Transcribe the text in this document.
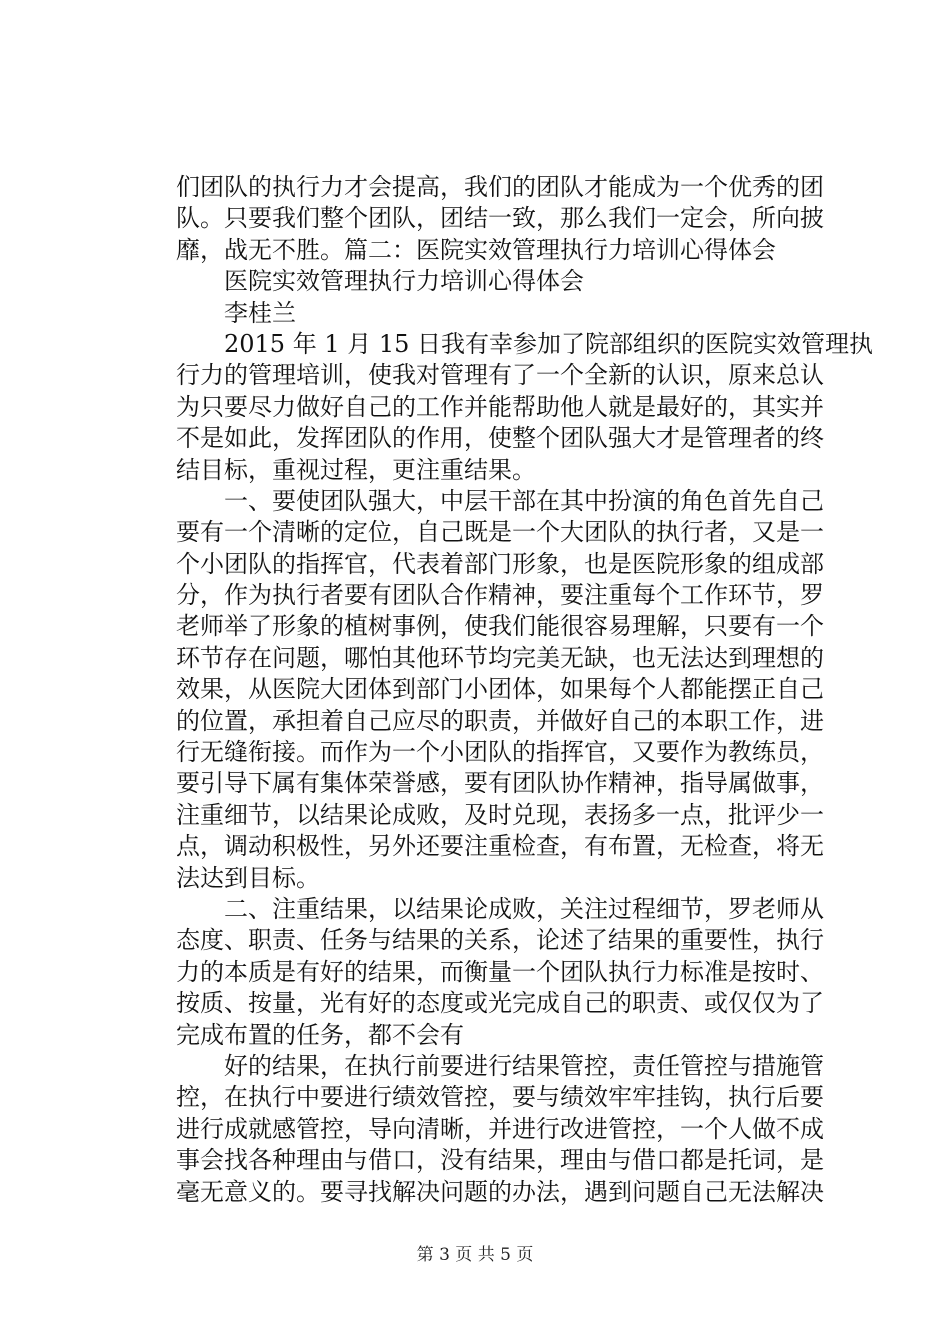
们团队的执行力才会提高，我们的团队才能成为一个优秀的团
队。只要我们整个团队，团结一致，那么我们一定会，所向披
靡，战无不胜。篇二：医院实效管理执行力培训心得体会
　　医院实效管理执行力培训心得体会
　　李桂兰
　　2015 年 1 月 15 日我有幸参加了院部组织的医院实效管理执
行力的管理培训，使我对管理有了一个全新的认识，原来总认
为只要尽力做好自己的工作并能帮助他人就是最好的，其实并
不是如此，发挥团队的作用，使整个团队强大才是管理者的终
结目标，重视过程，更注重结果。
　　一、要使团队强大，中层干部在其中扮演的角色首先自己
要有一个清晰的定位，自己既是一个大团队的执行者，又是一
个小团队的指挥官，代表着部门形象，也是医院形象的组成部
分，作为执行者要有团队合作精神，要注重每个工作环节，罗
老师举了形象的植树事例，使我们能很容易理解，只要有一个
环节存在问题，哪怕其他环节均完美无缺，也无法达到理想的
效果，从医院大团体到部门小团体，如果每个人都能摆正自己
的位置，承担着自己应尽的职责，并做好自己的本职工作，进
行无缝衔接。而作为一个小团队的指挥官，又要作为教练员，
要引导下属有集体荣誉感，要有团队协作精神，指导属做事，
注重细节，以结果论成败，及时兑现，表扬多一点，批评少一
点，调动积极性，另外还要注重检查，有布置，无检查，将无
法达到目标。
　　二、注重结果，以结果论成败，关注过程细节，罗老师从
态度、职责、任务与结果的关系，论述了结果的重要性，执行
力的本质是有好的结果，而衡量一个团队执行力标准是按时、
按质、按量，光有好的态度或光完成自己的职责、或仅仅为了
完成布置的任务，都不会有
　　好的结果，在执行前要进行结果管控，责任管控与措施管
控，在执行中要进行绩效管控，要与绩效牢牢挂钩，执行后要
进行成就感管控，导向清晰，并进行改进管控，一个人做不成
事会找各种理由与借口，没有结果，理由与借口都是托词，是
毫无意义的。要寻找解决问题的办法，遇到问题自己无法解决
第 3 页 共 5 页
